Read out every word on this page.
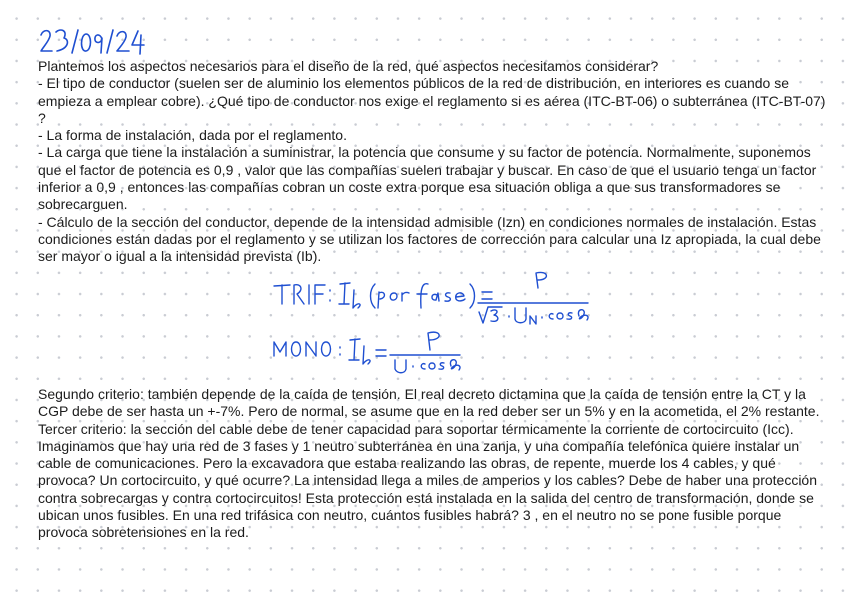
Plantemos los aspectos necesarios para el diseño de la red, qué aspectos necesitamos considerar?

- El tipo de conductor (suelen ser de aluminio los elementos públicos de la red de distribución, en interiores es cuando se empieza a emplear cobre). ¿Qué tipo de conductor nos exige el reglamento si es aérea (ITC-BT-06) o subterránea (ITC-BT-07) ?

- La forma de instalación, dada por el reglamento.

- La carga que tiene la instalación a suministrar, la potencia que consume y su factor de potencia. Normalmente, suponemos que el factor de potencia es 0,9 , valor que las compañías suelen trabajar y buscar. En caso de que el usuario tenga un factor inferior a 0,9 , entonces las compañías cobran un coste extra porque esa situación obliga a que sus transformadores se sobrecarguen.

- Cálculo de la sección del conductor, depende de la intensidad admisible (Izn) en condiciones normales de instalación. Estas condiciones están dadas por el reglamento y se utilizan los factores de corrección para calcular una Iz apropiada, la cual debe ser mayor o igual a la intensidad prevista (Ib).

Segundo criterio: también depende de la caída de tensión. El real decreto dictamina que la caída de tensión entre la CT y la CGP debe de ser hasta un +-7%. Pero de normal, se asume que en la red deber ser un 5% y en la acometida, el 2% restante.

Tercer criterio: la sección del cable debe de tener capacidad para soportar térmicamente la corriente de cortocircuito (Icc). Imaginamos que hay una red de 3 fases y 1 neutro subterránea en una zanja, y una compañía telefónica quiere instalar un cable de comunicaciones. Pero la excavadora que estaba realizando las obras, de repente, muerde los 4 cables, y qué provoca? Un cortocircuito, y qué ocurre? La intensidad llega a miles de amperios y los cables? Debe de haber una protección contra sobrecargas y contra cortocircuitos! Esta protección está instalada en la salida del centro de transformación, donde se ubican unos fusibles. En una red trifásica con neutro, cuántos fusibles habrá? 3 , en el neutro no se pone fusible porque provoca sobretensiones en la red.
